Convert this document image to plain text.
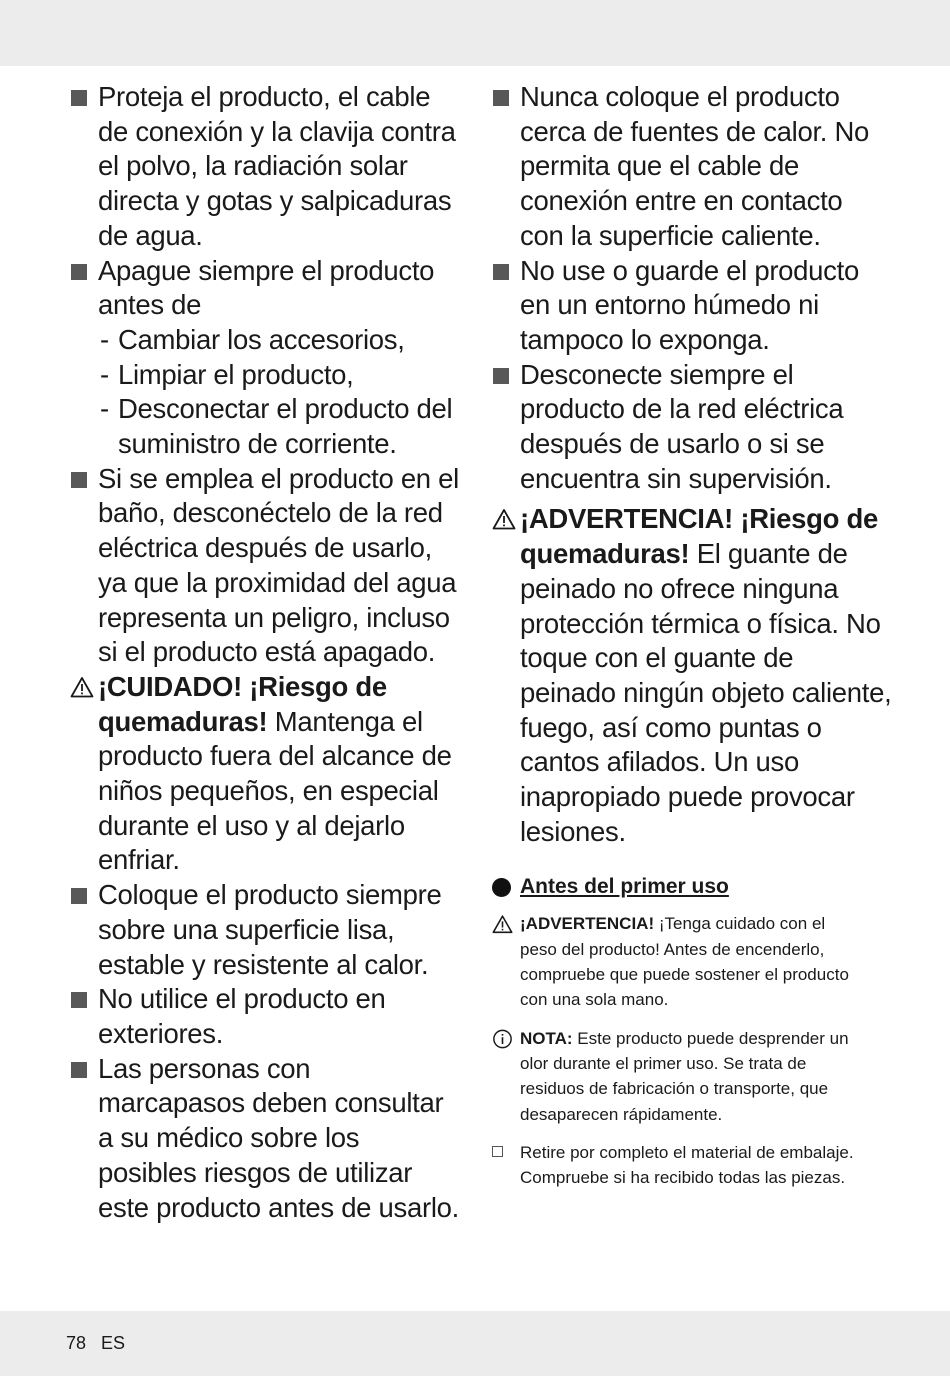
Proteja el producto, el cable de conexión y la clavija contra el polvo, la radiación solar directa y gotas y salpicaduras de agua.
Apague siempre el producto antes de
- Cambiar los accesorios,
- Limpiar el producto,
- Desconectar el producto del suministro de corriente.
Si se emplea el producto en el baño, desconéctelo de la red eléctrica después de usarlo, ya que la proximidad del agua representa un peligro, incluso si el producto está apagado.
¡CUIDADO! ¡Riesgo de quemaduras! Mantenga el producto fuera del alcance de niños pequeños, en especial durante el uso y al dejarlo enfriar.
Coloque el producto siempre sobre una superficie lisa, estable y resistente al calor.
No utilice el producto en exteriores.
Las personas con marcapasos deben consultar a su médico sobre los posibles riesgos de utilizar este producto antes de usarlo.
Nunca coloque el producto cerca de fuentes de calor. No permita que el cable de conexión entre en contacto con la superficie caliente.
No use o guarde el producto en un entorno húmedo ni tampoco lo exponga.
Desconecte siempre el producto de la red eléctrica después de usarlo o si se encuentra sin supervisión.
¡ADVERTENCIA! ¡Riesgo de quemaduras! El guante de peinado no ofrece ninguna protección térmica o física. No toque con el guante de peinado ningún objeto caliente, fuego, así como puntas o cantos afilados. Un uso inapropiado puede provocar lesiones.
Antes del primer uso
¡ADVERTENCIA! ¡Tenga cuidado con el peso del producto! Antes de encenderlo, compruebe que puede sostener el producto con una sola mano.
NOTA: Este producto puede desprender un olor durante el primer uso. Se trata de residuos de fabricación o transporte, que desaparecen rápidamente.
Retire por completo el material de embalaje. Compruebe si ha recibido todas las piezas.
78 ES
